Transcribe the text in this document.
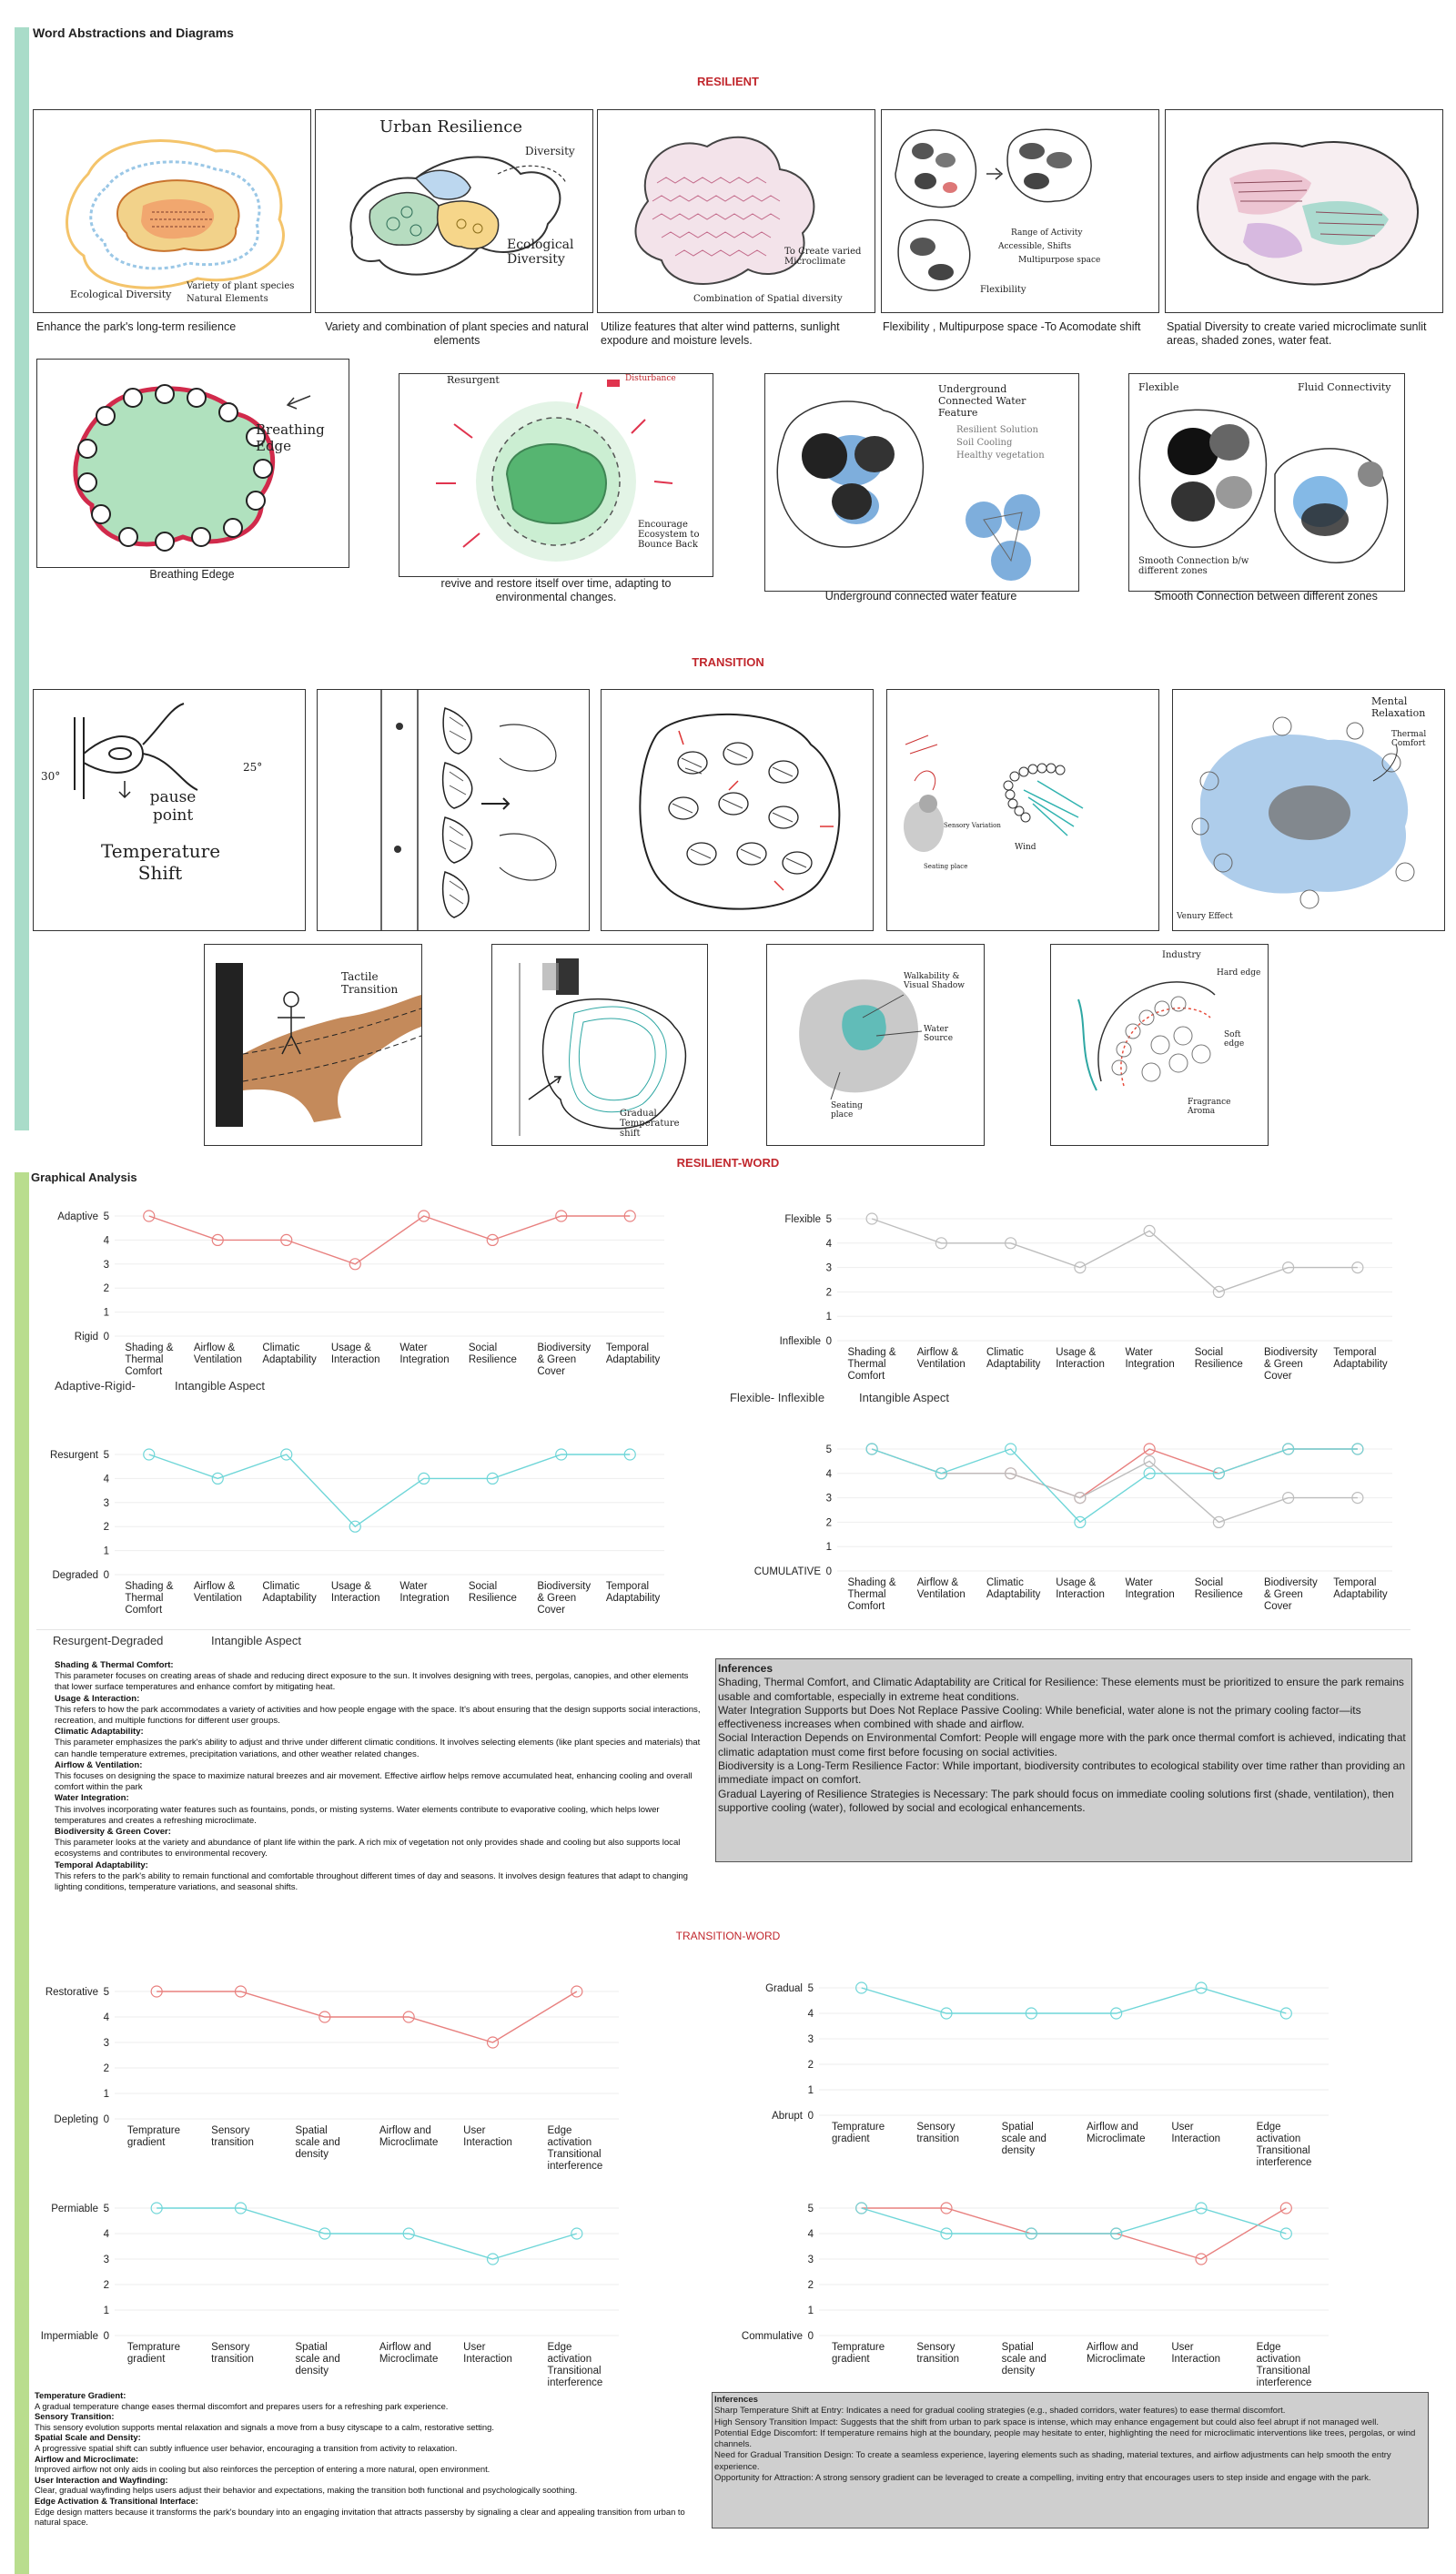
Word Abstractions and Diagrams
RESILIENT
Ecological Diversity
Variety of plant species
Natural Elements
Enhance the park's long-term resilience
Urban Resilience
Diversity
Ecological Diversity
Variety and combination of plant species and natural elements
To Create varied Microclimate
Combination of Spatial diversity
Utilize features that alter wind patterns, sunlight expodure and moisture levels.
Range of Activity
Accessible, Shifts
Multipurpose space
Flexibility
Flexibility , Multipurpose space -To Acomodate shift	Spatial Diversity to create varied microclimate sunlit areas, shaded zones, water feat.
Breathing Edge
Breathing Edege
Resurgent	Disturbance
Encourage Ecosystem to Bounce Back
revive and restore itself over time, adapting to environmental changes.
Underground Connected Water Feature
Resilient Solution
Soil Cooling
Healthy vegetation
Underground connected water feature
Flexible	Fluid Connectivity
Smooth Connection b/w different zones
Smooth Connection between different zones
TRANSITION
30°
25°
pause point
Temperature Shift
Sensory Variation
Seating place
Wind
Mental Relaxation
Thermal Comfort
Venury Effect
Tactile Transition
Gradual Temperature shift
Walkability & Visual Shadow
Water Source
Seating place
Industry
Hard edge
Soft edge
Fragrance Aroma
Graphical Analysis
RESILIENT-WORD
0
1
2
3
4
5
Adaptive
Rigid
Shading &
Thermal
Comfort
Airflow &
Ventilation
Climatic
Adaptability
Usage &
Interaction
Water
Integration
Social
Resilience
Biodiversity
& Green
Cover
Temporal
Adaptability
Adaptive-Rigid-	Intangible Aspect
0
1
2
3
4
5
Flexible
Inflexible
Shading &
Thermal
Comfort
Airflow &
Ventilation
Climatic
Adaptability
Usage &
Interaction
Water
Integration
Social
Resilience
Biodiversity
& Green
Cover
Temporal
Adaptability
Flexible- Inflexible	Intangible Aspect
0
1
2
3
4
5
Resurgent
Degraded
Shading &
Thermal
Comfort
Airflow &
Ventilation
Climatic
Adaptability
Usage &
Interaction
Water
Integration
Social
Resilience
Biodiversity
& Green
Cover
Temporal
Adaptability
Resurgent-Degraded	Intangible Aspect
0
1
2
3
4
5
CUMULATIVE
Shading &
Thermal
Comfort
Airflow &
Ventilation
Climatic
Adaptability
Usage &
Interaction
Water
Integration
Social
Resilience
Biodiversity
& Green
Cover
Temporal
Adaptability
Shading & Thermal Comfort:
This parameter focuses on creating areas of shade and reducing direct exposure to the sun. It involves designing with trees, pergolas, canopies, and other elements that lower surface temperatures and enhance comfort by mitigating heat.
Usage & Interaction:
This refers to how the park accommodates a variety of activities and how people engage with the space. It's about ensuring that the design supports social interactions, recreation, and multiple functions for different user groups.
Climatic Adaptability:
This parameter emphasizes the park's ability to adjust and thrive under different climatic conditions. It involves selecting elements (like plant species and materials) that can handle temperature extremes, precipitation variations, and other weather related changes.
Airflow & Ventilation:
This focuses on designing the space to maximize natural breezes and air movement. Effective airflow helps remove accumulated heat, enhancing cooling and overall comfort within the park
Water Integration:
This involves incorporating water features such as fountains, ponds, or misting systems. Water elements contribute to evaporative cooling, which helps lower temperatures and creates a refreshing microclimate.
Biodiversity & Green Cover:
This parameter looks at the variety and abundance of plant life within the park. A rich mix of vegetation not only provides shade and cooling but also supports local ecosystems and contributes to environmental recovery.
Temporal Adaptability:
This refers to the park's ability to remain functional and comfortable throughout different times of day and seasons. It involves design features that adapt to changing lighting conditions, temperature variations, and seasonal shifts.
Inferences
Shading, Thermal Comfort, and Climatic Adaptability are Critical for Resilience: These elements must be prioritized to ensure the park remains usable and comfortable, especially in extreme heat conditions.
Water Integration Supports but Does Not Replace Passive Cooling: While beneficial, water alone is not the primary cooling factor—its effectiveness increases when combined with shade and airflow.
Social Interaction Depends on Environmental Comfort: People will engage more with the park once thermal comfort is achieved, indicating that climatic adaptation must come first before focusing on social activities.
Biodiversity is a Long-Term Resilience Factor: While important, biodiversity contributes to ecological stability over time rather than providing an immediate impact on comfort.
Gradual Layering of Resilience Strategies is Necessary: The park should focus on immediate cooling solutions first (shade, ventilation), then supportive cooling (water), followed by social and ecological enhancements.
TRANSITION-WORD
0
1
2
3
4
5
Restorative
Depleting
Temprature
gradient
Sensory
transition
Spatial
scale and
density
Airflow and
Microclimate
User
Interaction
Edge
activation
Transitional
interference
0
1
2
3
4
5
Gradual
Abrupt
Temprature
gradient
Sensory
transition
Spatial
scale and
density
Airflow and
Microclimate
User
Interaction
Edge
activation
Transitional
interference
0
1
2
3
4
5
Permiable
Impermiable
Temprature
gradient
Sensory
transition
Spatial
scale and
density
Airflow and
Microclimate
User
Interaction
Edge
activation
Transitional
interference
0
1
2
3
4
5
Commulative
Temprature
gradient
Sensory
transition
Spatial
scale and
density
Airflow and
Microclimate
User
Interaction
Edge
activation
Transitional
interference
Temperature Gradient:
A gradual temperature change eases thermal discomfort and prepares users for a refreshing park experience.
Sensory Transition:
This sensory evolution supports mental relaxation and signals a move from a busy cityscape to a calm, restorative setting.
Spatial Scale and Density:
A progressive spatial shift can subtly influence user behavior, encouraging a transition from activity to relaxation.
Airflow and Microclimate:
Improved airflow not only aids in cooling but also reinforces the perception of entering a more natural, open environment.
User Interaction and Wayfinding:
Clear, gradual wayfinding helps users adjust their behavior and expectations, making the transition both functional and psychologically soothing.
Edge Activation & Transitional Interface:
Edge design matters because it transforms the park's boundary into an engaging invitation that attracts passersby by signaling a clear and appealing transition from urban to natural space.
Inferences
Sharp Temperature Shift at Entry: Indicates a need for gradual cooling strategies (e.g., shaded corridors, water features) to ease thermal discomfort.
High Sensory Transition Impact: Suggests that the shift from urban to park space is intense, which may enhance engagement but could also feel abrupt if not managed well.
Potential Edge Discomfort: If temperature remains high at the boundary, people may hesitate to enter, highlighting the need for microclimatic interventions like trees, pergolas, or wind channels.
Need for Gradual Transition Design: To create a seamless experience, layering elements such as shading, material textures, and airflow adjustments can help smooth the entry experience.
Opportunity for Attraction: A strong sensory gradient can be leveraged to create a compelling, inviting entry that encourages users to step inside and engage with the park.
